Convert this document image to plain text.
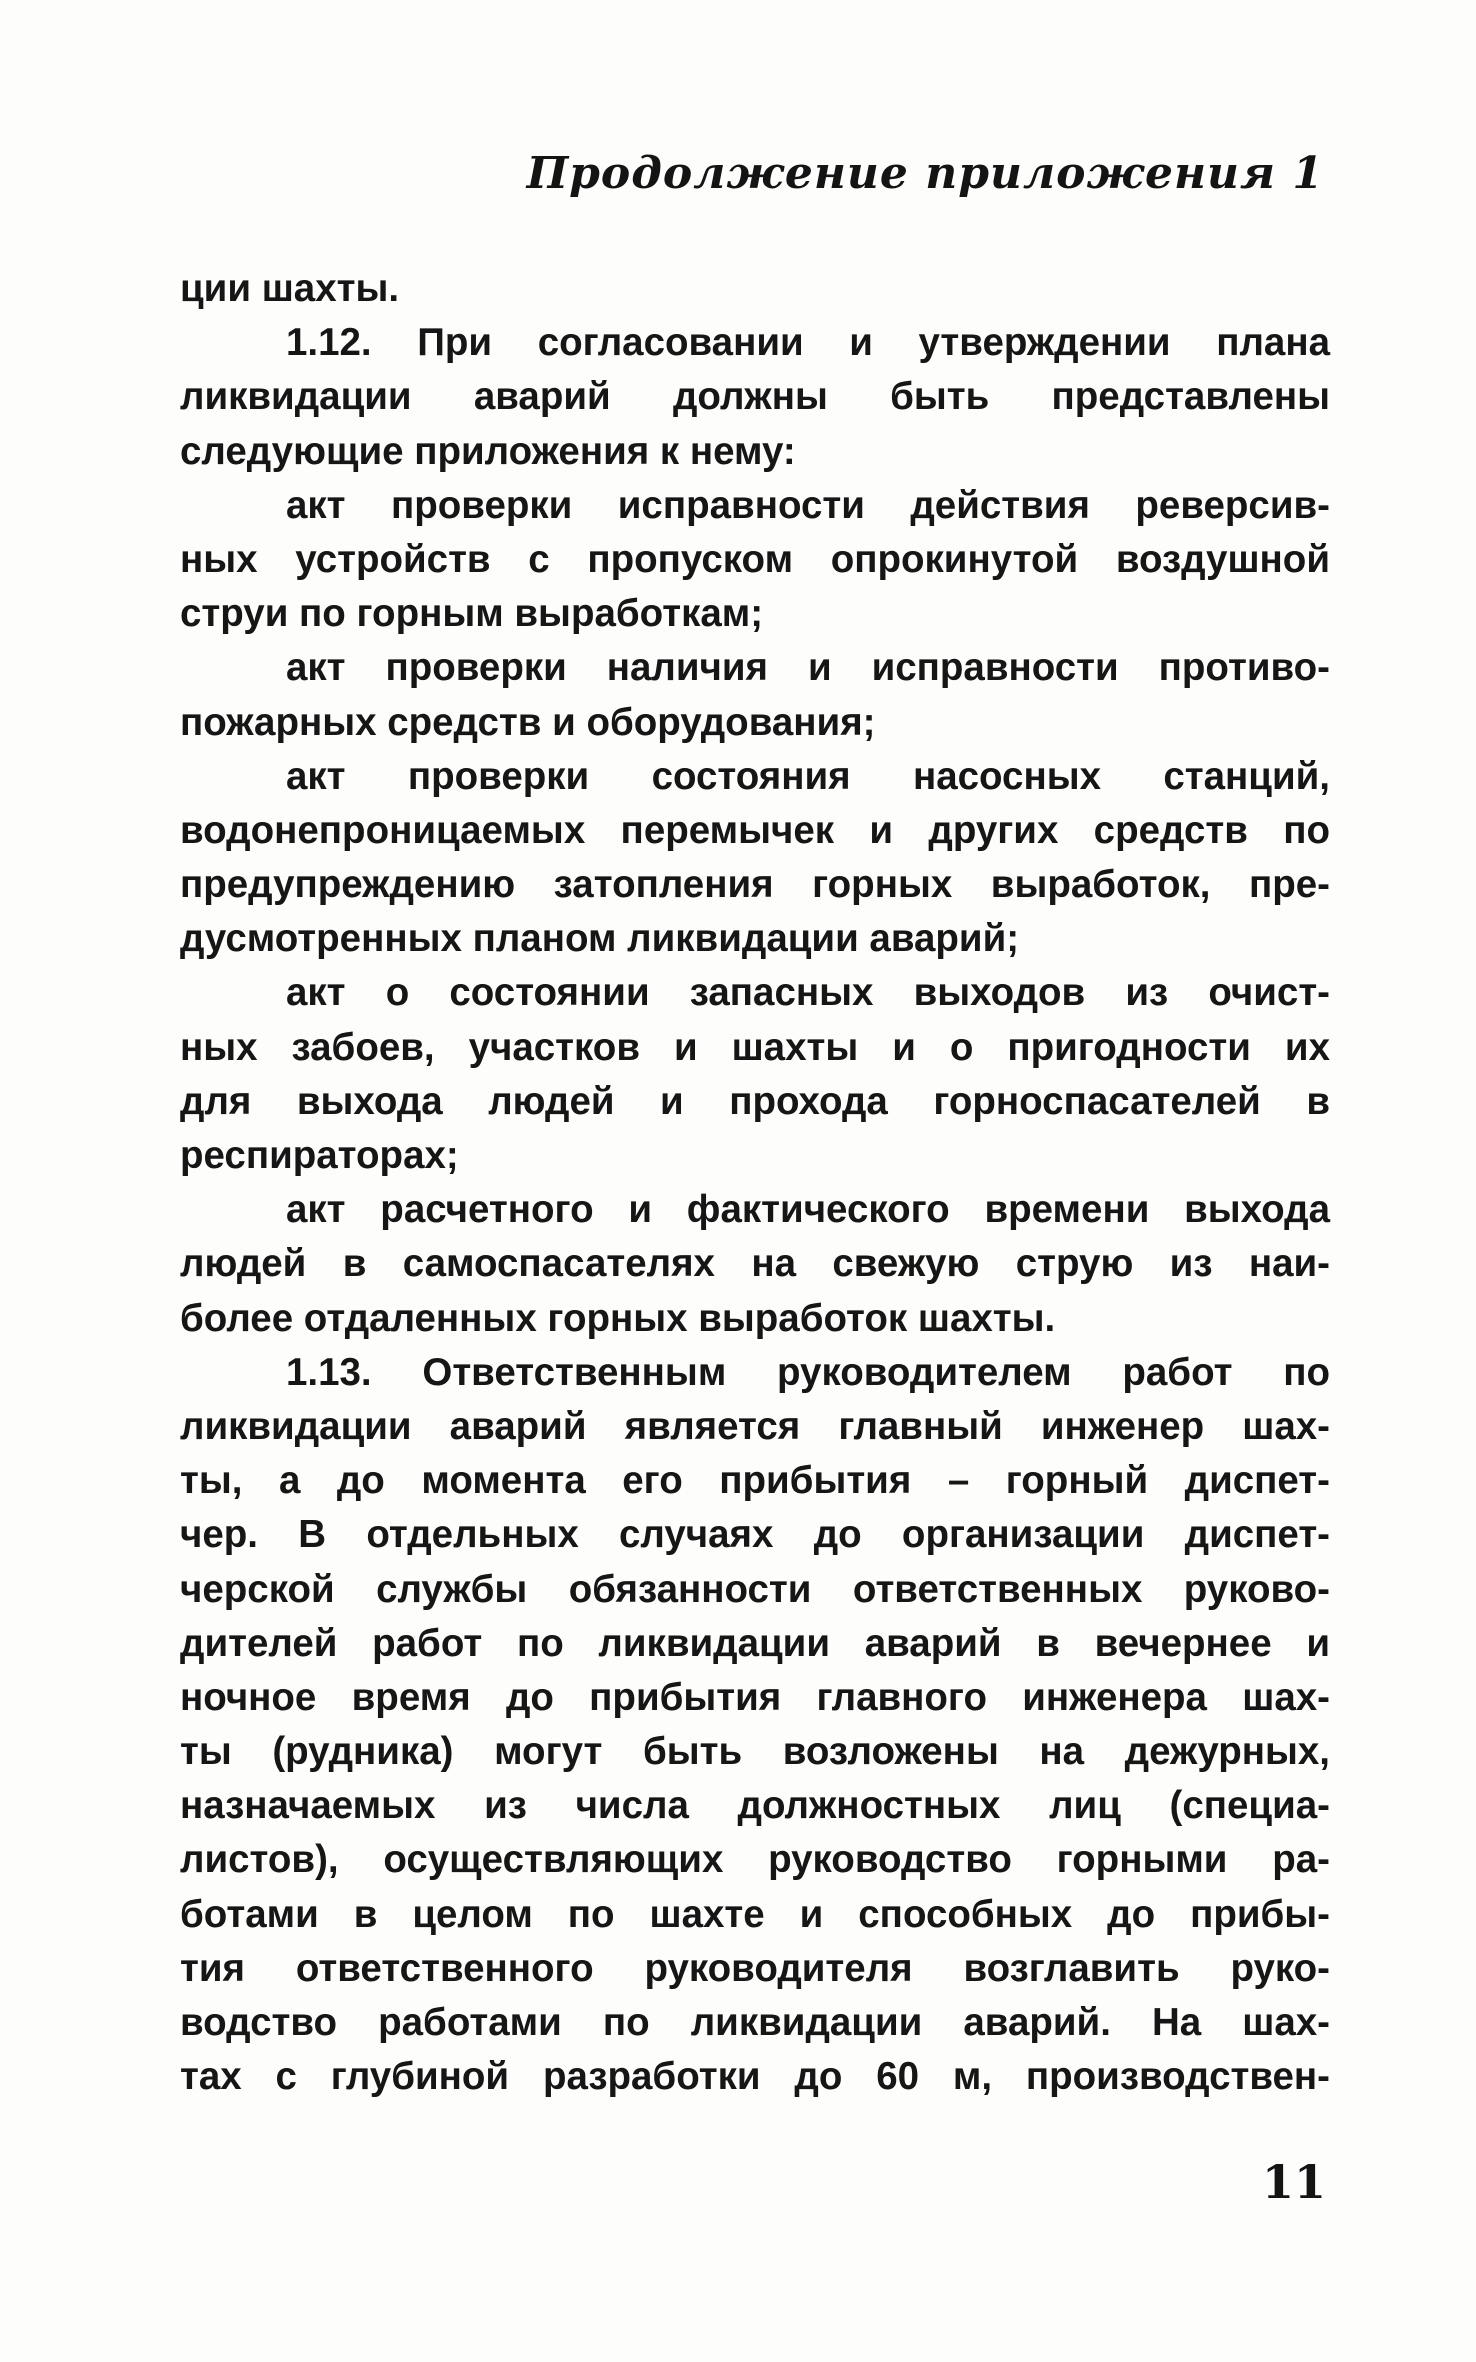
Продолжение приложения 1
ции шахты.
1.12. При согласовании и утверждении плана
ликвидации аварий должны быть представлены
следующие приложения к нему:
акт проверки исправности действия реверсив-
ных устройств с пропуском опрокинутой воздушной
струи по горным выработкам;
акт проверки наличия и исправности противо-
пожарных средств и оборудования;
акт проверки состояния насосных станций,
водонепроницаемых перемычек и других средств по
предупреждению затопления горных выработок, пре-
дусмотренных планом ликвидации аварий;
акт о состоянии запасных выходов из очист-
ных забоев, участков и шахты и о пригодности их
для выхода людей и прохода горноспасателей в
респираторах;
акт расчетного и фактического времени выхода
людей в самоспасателях на свежую струю из наи-
более отдаленных горных выработок шахты.
1.13. Ответственным руководителем работ по
ликвидации аварий является главный инженер шах-
ты, а до момента его прибытия – горный диспет-
чер. В отдельных случаях до организации диспет-
черской службы обязанности ответственных руково-
дителей работ по ликвидации аварий в вечернее и
ночное время до прибытия главного инженера шах-
ты (рудника) могут быть возложены на дежурных,
назначаемых из числа должностных лиц (специа-
листов), осуществляющих руководство горными ра-
ботами в целом по шахте и способных до прибы-
тия ответственного руководителя возглавить руко-
водство работами по ликвидации аварий. На шах-
тах с глубиной разработки до 60 м, производствен-
11
